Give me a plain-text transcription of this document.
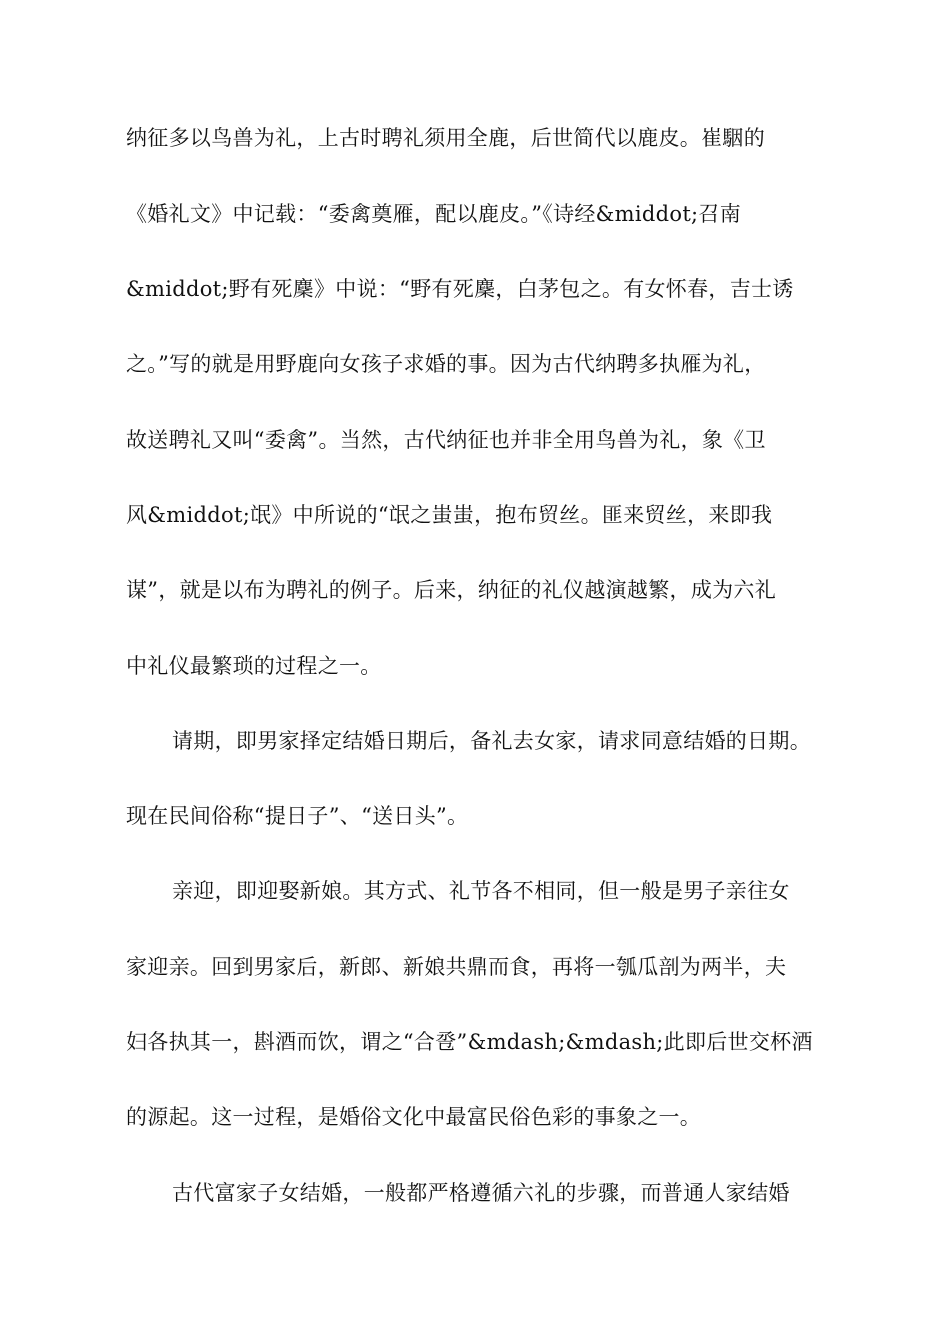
纳征多以鸟兽为礼，上古时聘礼须用全鹿，后世简代以鹿皮。崔駰的
《婚礼文》中记载：“委禽奠雁，配以鹿皮。”《诗经&middot;召南
&middot;野有死麇》中说：“野有死麇，白茅包之。有女怀春，吉士诱
之。”写的就是用野鹿向女孩子求婚的事。因为古代纳聘多执雁为礼，
故送聘礼又叫“委禽”。当然，古代纳征也并非全用鸟兽为礼，象《卫
风&middot;氓》中所说的“氓之蚩蚩，抱布贸丝。匪来贸丝，来即我
谋”，就是以布为聘礼的例子。后来，纳征的礼仪越演越繁，成为六礼
中礼仪最繁琐的过程之一。
请期，即男家择定结婚日期后，备礼去女家，请求同意结婚的日期。
现在民间俗称“提日子”、“送日头”。
亲迎，即迎娶新娘。其方式、礼节各不相同，但一般是男子亲往女
家迎亲。回到男家后，新郎、新娘共鼎而食，再将一瓠瓜剖为两半，夫
妇各执其一，斟酒而饮，谓之“合卺”&mdash;&mdash;此即后世交杯酒
的源起。这一过程，是婚俗文化中最富民俗色彩的事象之一。
古代富家子女结婚，一般都严格遵循六礼的步骤，而普通人家结婚
